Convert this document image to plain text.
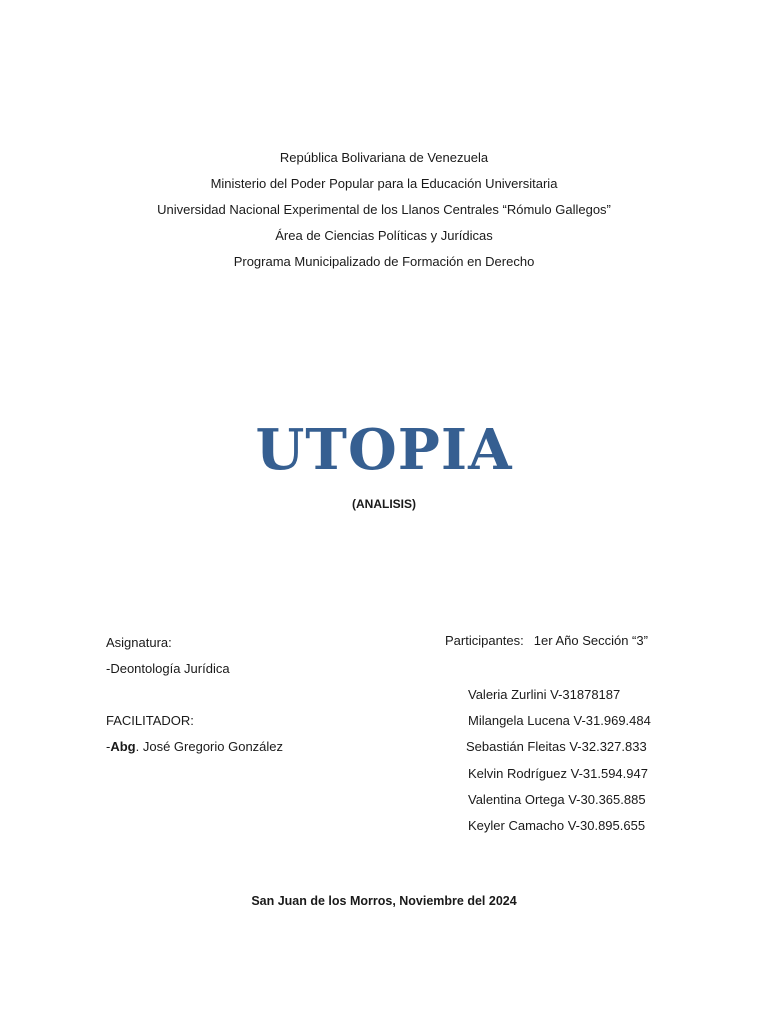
República Bolivariana de Venezuela
Ministerio del Poder Popular para la Educación Universitaria
Universidad Nacional Experimental de los Llanos Centrales “Rómulo Gallegos”
Área de Ciencias Políticas y Jurídicas
Programa Municipalizado de Formación en Derecho
UTOPIA
(ANALISIS)
Asignatura:
-Deontología Jurídica
FACILITADOR:
-Abg. José Gregorio González
Participantes: 1er Año Sección “3”
Valeria Zurlini V-31878187
Milangela Lucena V-31.969.484
Sebastián Fleitas V-32.327.833
Kelvin Rodríguez V-31.594.947
Valentina Ortega V-30.365.885
Keyler Camacho V-30.895.655
San Juan de los Morros, Noviembre del 2024
